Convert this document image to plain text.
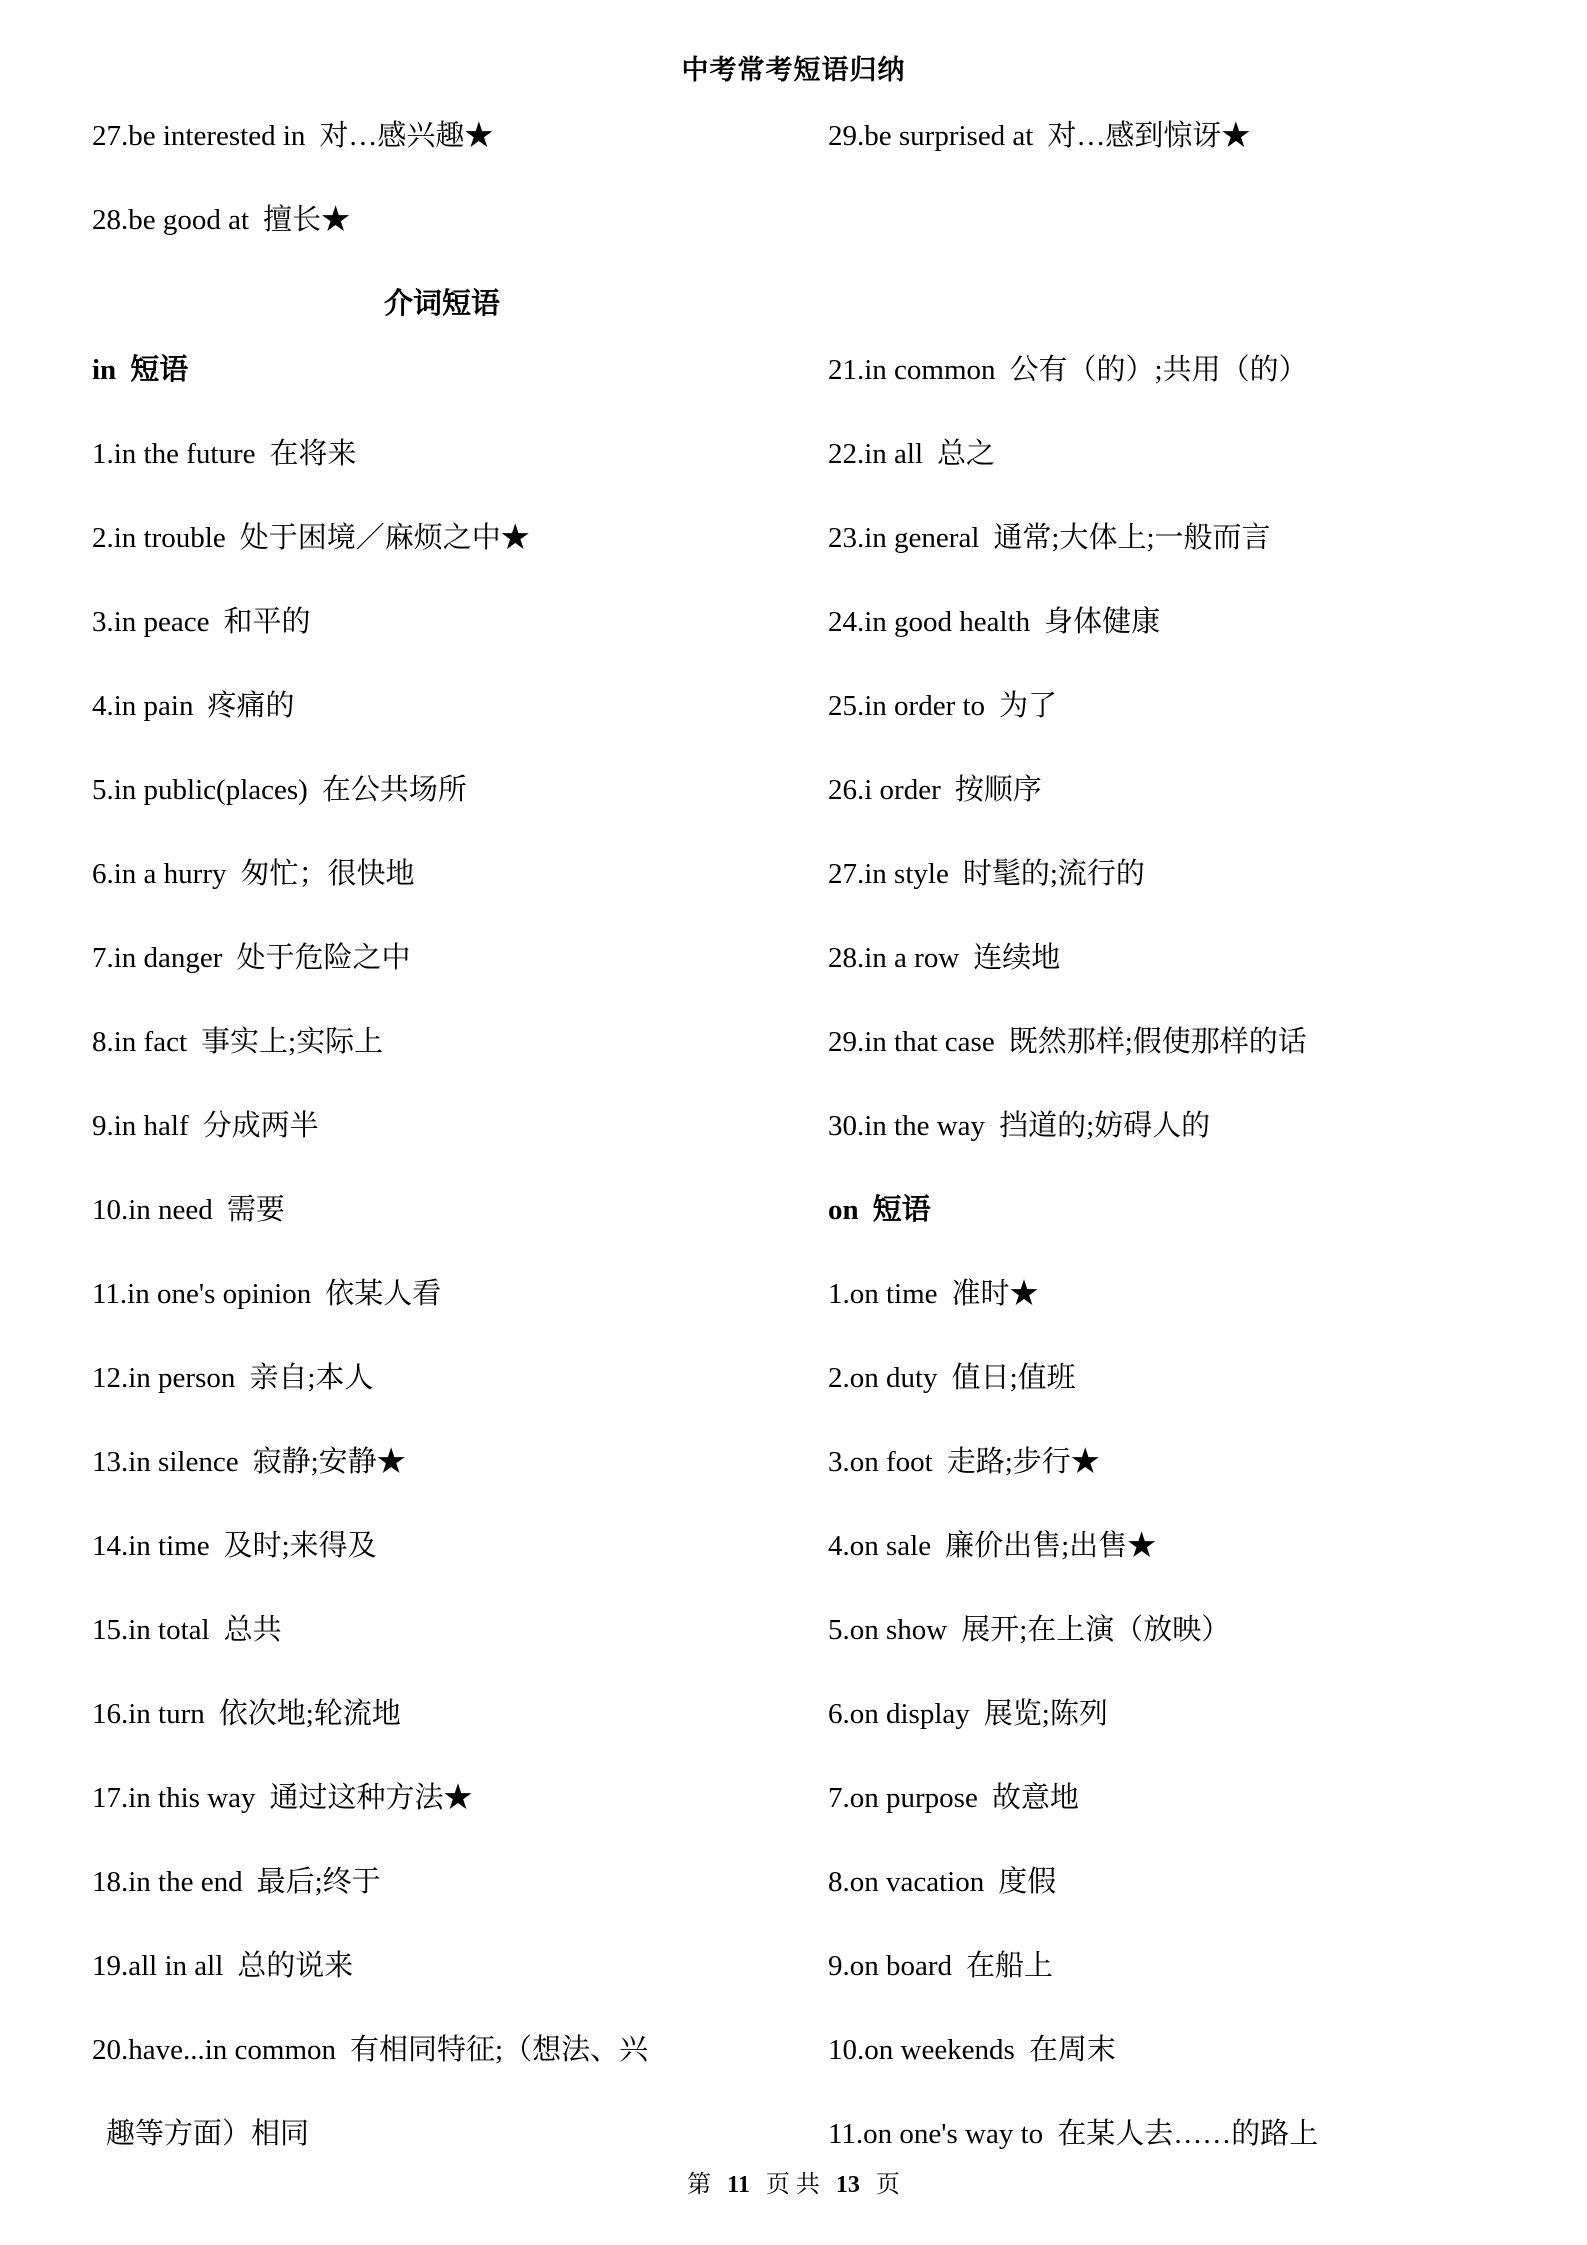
中考常考短语归纳
27.be interested in 对…感兴趣★
28.be good at 擅长★
介词短语
in 短语
1.in the future 在将来
2.in trouble 处于困境／麻烦之中★
3.in peace 和平的
4.in pain 疼痛的
5.in public(places) 在公共场所
6.in a hurry 匆忙；很快地
7.in danger 处于危险之中
8.in fact 事实上;实际上
9.in half 分成两半
10.in need 需要
11.in one's opinion 依某人看
12.in person 亲自;本人
13.in silence 寂静;安静★
14.in time 及时;来得及
15.in total 总共
16.in turn 依次地;轮流地
17.in this way 通过这种方法★
18.in the end 最后;终于
19.all in all 总的说来
20.have...in common 有相同特征;（想法、兴
趣等方面）相同
29.be surprised at 对…感到惊讶★
21.in common 公有（的）;共用（的）
22.in all 总之
23.in general 通常;大体上;一般而言
24.in good health 身体健康
25.in order to 为了
26.i order 按顺序
27.in style 时髦的;流行的
28.in a row 连续地
29.in that case 既然那样;假使那样的话
30.in the way 挡道的;妨碍人的
on 短语
1.on time 准时★
2.on duty 值日;值班
3.on foot 走路;步行★
4.on sale 廉价出售;出售★
5.on show 展开;在上演（放映）
6.on display 展览;陈列
7.on purpose 故意地
8.on vacation 度假
9.on board 在船上
10.on weekends 在周末
11.on one's way to 在某人去……的路上
第 11 页 共 13 页
